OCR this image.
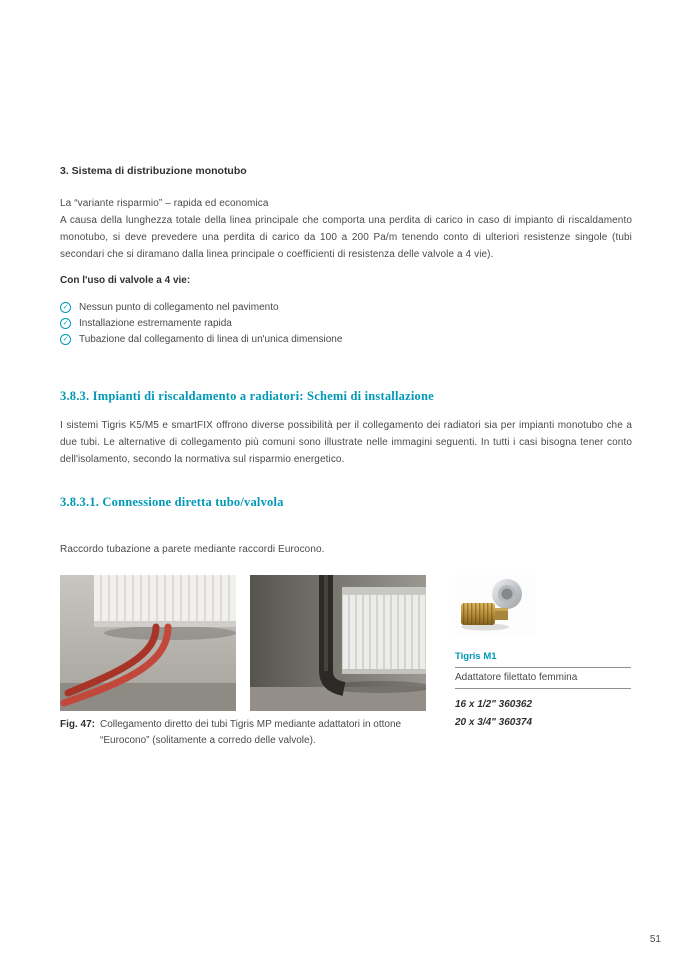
3. Sistema di distribuzione monotubo
La “variante risparmio” – rapida ed economica
A causa della lunghezza totale della linea principale che comporta una perdita di carico in caso di impianto di riscaldamento monotubo, si deve prevedere una perdita di carico da 100 a 200 Pa/m tenendo conto di ulteriori resistenze singole (tubi secondari che si diramano dalla linea principale o coefficienti di resistenza delle valvole a 4 vie).
Con l'uso di valvole a 4 vie:
✓
Nessun punto di collegamento nel pavimento
✓
Installazione estremamente rapida
✓
Tubazione dal collegamento di linea di un'unica dimensione
3.8.3. Impianti di riscaldamento a radiatori: Schemi di installazione
I sistemi Tigris K5/M5 e smartFIX offrono diverse possibilità per il collegamento dei radiatori sia per impianti monotubo che a due tubi. Le alternative di collegamento più comuni sono illustrate nelle immagini seguenti. In tutti i casi bisogna tener conto dell'isolamento, secondo la normativa sul risparmio energetico.
3.8.3.1. Connessione diretta tubo/valvola
Raccordo tubazione a parete mediante raccordi Eurocono.
Tigris M1
Adattatore filettato femmina
16 x 1/2" 360362
20 x 3/4" 360374
Fig. 47: Collegamento diretto dei tubi Tigris MP mediante adattatori in ottone
“Eurocono” (solitamente a corredo delle valvole).
51
